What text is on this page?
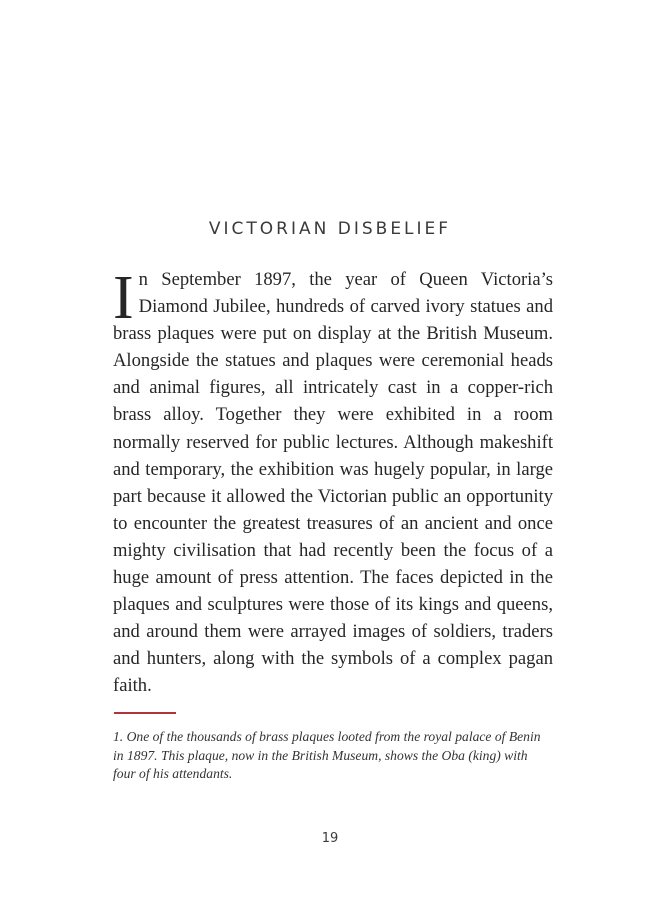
VICTORIAN DISBELIEF

In September 1897, the year of Queen Victoria’s Diamond Jubilee, hundreds of carved ivory statues and brass plaques were put on display at the British Museum. Alongside the statues and plaques were ceremonial heads and animal figures, all intricately cast in a copper-rich brass alloy. Together they were exhibited in a room normally reserved for public lectures. Although makeshift and temporary, the exhibition was hugely popular, in large part because it allowed the Victorian public an opportunity to encounter the greatest treasures of an ancient and once mighty civilisation that had recently been the focus of a huge amount of press attention. The faces depicted in the plaques and sculptures were those of its kings and queens, and around them were arrayed images of soldiers, traders and hunters, along with the symbols of a complex pagan faith.

1. One of the thousands of brass plaques looted from the royal palace of Benin in 1897. This plaque, now in the British Museum, shows the Oba (king) with four of his attendants.

19
